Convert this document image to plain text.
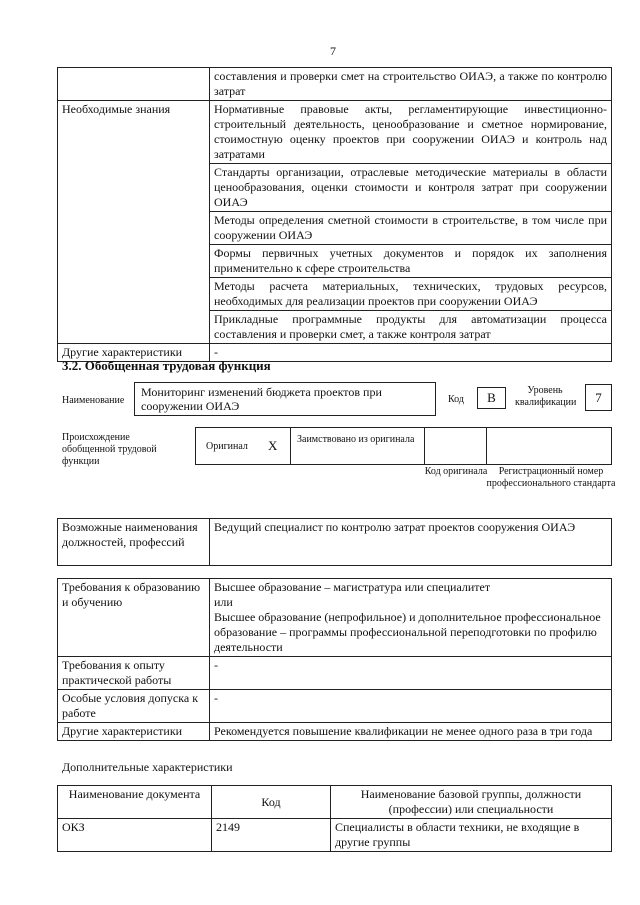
7
	составления и проверки смет на строительство ОИАЭ, а также по контролю затрат
Необходимые знания	Нормативные правовые акты, регламентирующие инвестиционно-строительный деятельность, ценообразование и сметное нормирование, стоимостную оценку проектов при сооружении ОИАЭ и контроль над затратами
	Стандарты организации, отраслевые методические материалы в области ценообразования, оценки стоимости и контроля затрат при сооружении ОИАЭ
	Методы определения сметной стоимости в строительстве, в том числе при сооружении ОИАЭ
	Формы первичных учетных документов и порядок их заполнения применительно к сфере строительства
	Методы расчета материальных, технических, трудовых ресурсов, необходимых для реализации проектов при сооружении ОИАЭ
	Прикладные программные продукты для автоматизации процесса составления и проверки смет, а также контроля затрат
Другие характеристики	-
3.2. Обобщенная трудовая функция
Наименование
Мониторинг изменений бюджета проектов при сооружении ОИАЭ	Код	B	Уровень квалификации	7
Происхождение обобщенной трудовой функции
Оригинал X Заимствовано из оригинала
Код оригинала	Регистрационный номер профессионального стандарта
Возможные наименования должностей, профессий	Ведущий специалист по контролю затрат проектов сооружения ОИАЭ
Требования к образованию и обучению	Высшее образование – магистратура или специалитет
или
Высшее образование (непрофильное) и дополнительное профессиональное образование – программы профессиональной переподготовки по профилю деятельности

Требования к опыту практической работы	-
Особые условия допуска к работе	-
Другие характеристики	Рекомендуется повышение квалификации не менее одного раза в три года
Дополнительные характеристики
Наименование документа	Код	Наименование базовой группы, должности (профессии) или специальности
ОКЗ	2149	Специалисты в области техники, не входящие в другие группы
